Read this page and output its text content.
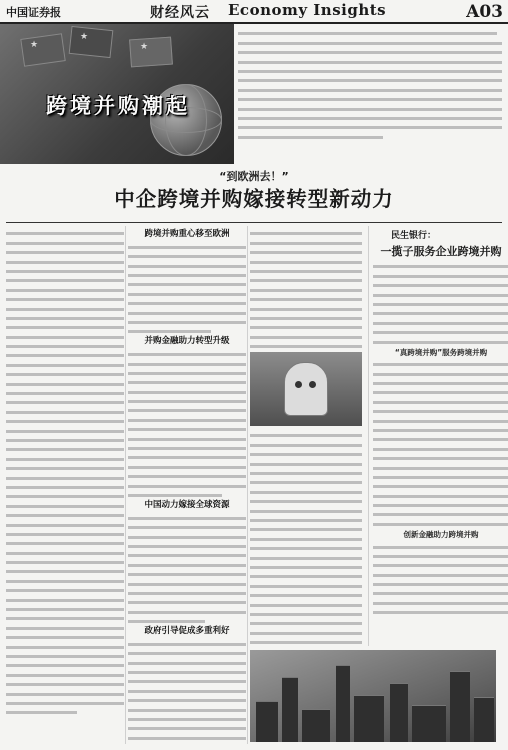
中国证券报	财经风云 Economy Insights	A03
★
★
★
跨境并购潮起
“到欧洲去！”
中企跨境并购嫁接转型新动力
跨境并购重心移至欧洲
并购金融助力转型升级
中国动力嫁接全球资源
政府引导促成多重利好
民生银行：
一揽子服务企业跨境并购
“真跨境并购”服务跨境并购
创新金融助力跨境并购
